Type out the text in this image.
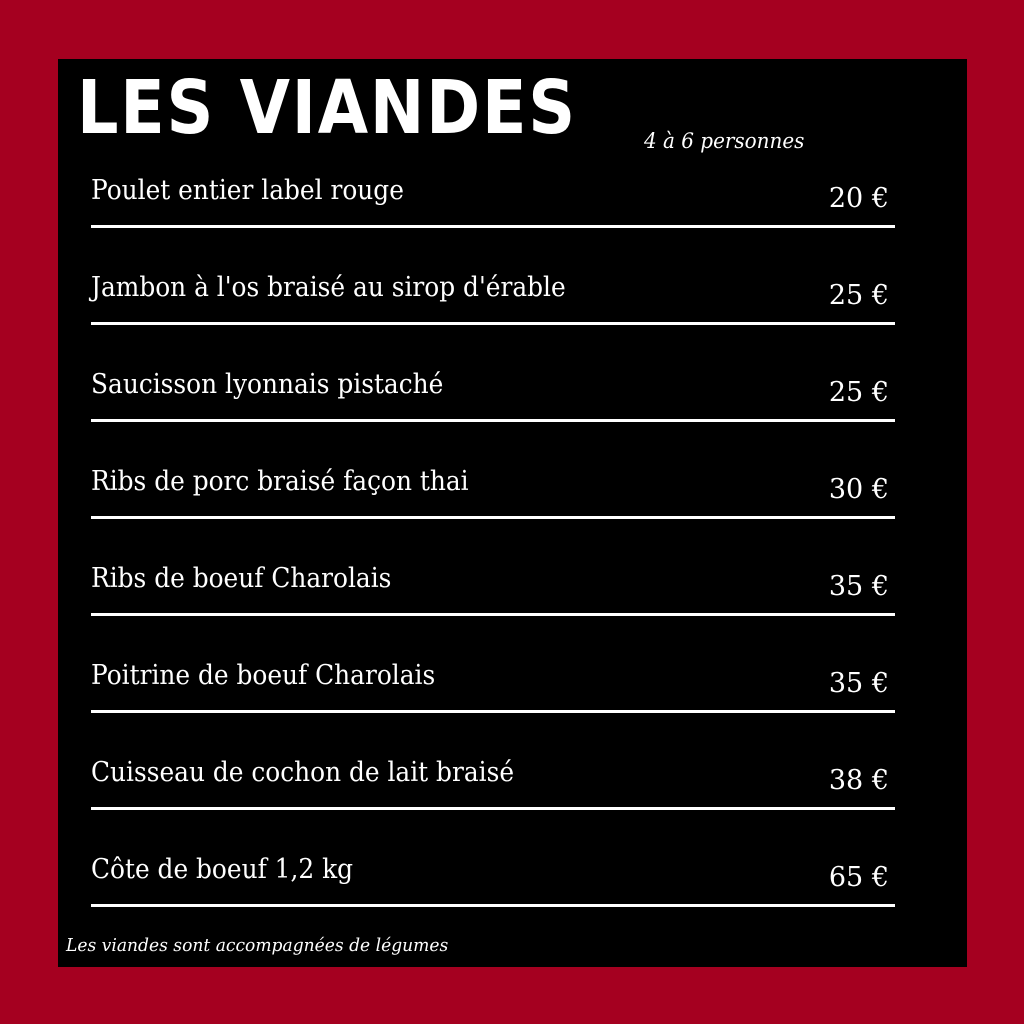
LES VIANDES	4 à 6 personnes
Poulet entier label rouge	20 €
Jambon à l'os braisé au sirop d'érable	25 €
Saucisson lyonnais pistaché	25 €
Ribs de porc braisé façon thai	30 €
Ribs de boeuf Charolais	35 €
Poitrine de boeuf Charolais	35 €
Cuisseau de cochon de lait braisé	38 €
Côte de boeuf 1,2 kg	65 €
Les viandes sont accompagnées de légumes
